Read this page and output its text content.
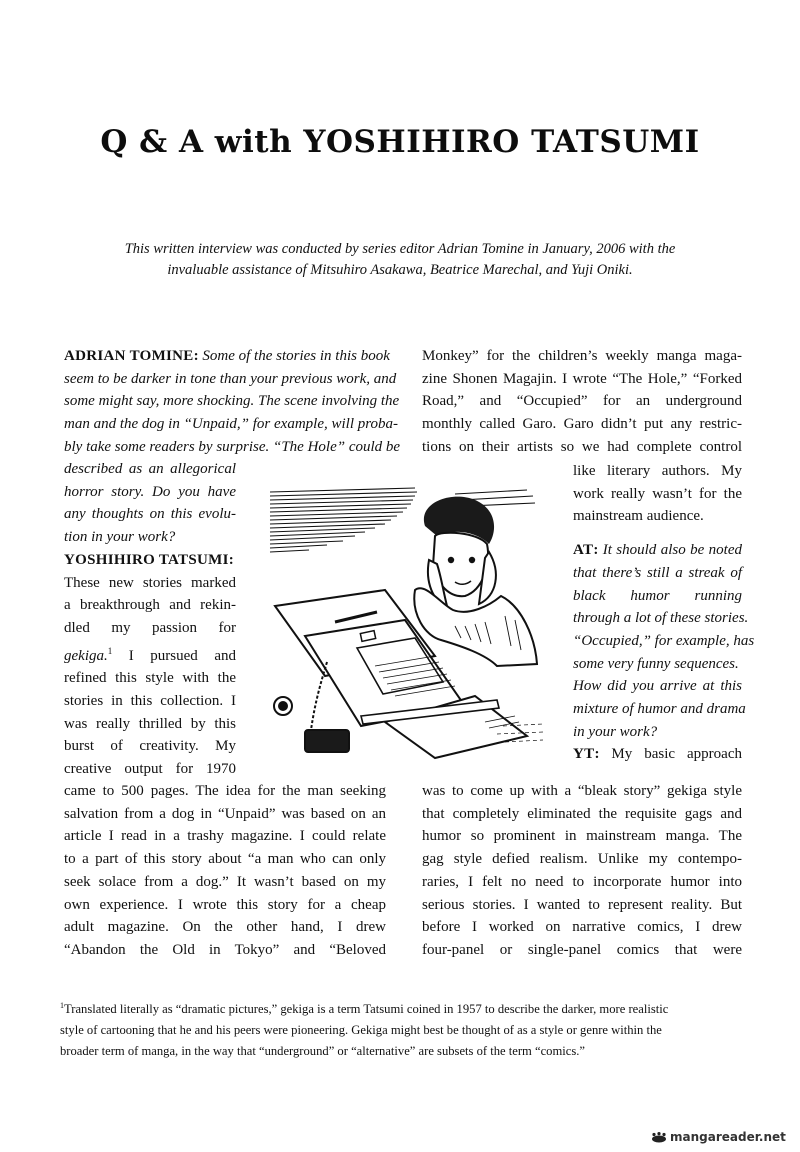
Q & A with YOSHIHIRO TATSUMI
This written interview was conducted by series editor Adrian Tomine in January, 2006 with the
invaluable assistance of Mitsuhiro Asakawa, Beatrice Marechal, and Yuji Oniki.
ADRIAN TOMINE: Some of the stories in this book
seem to be darker in tone than your previous work, and
some might say, more shocking. The scene involving the
man and the dog in “Unpaid,” for example, will proba-
bly take some readers by surprise. “The Hole” could be
described as an allegorical
horror story. Do you have
any thoughts on this evolu-
tion in your work?
YOSHIHIRO TATSUMI:
These new stories marked
a breakthrough and rekin-
dled my passion for
gekiga.$^1$ I pursued and
refined this style with the
stories in this collection. I
was really thrilled by this
burst of creativity. My
creative output for 1970
came to 500 pages. The idea for the man seeking
salvation from a dog in “Unpaid” was based on an
article I read in a trashy magazine. I could relate
to a part of this story about “a man who can only
seek solace from a dog.” It wasn’t based on my
own experience. I wrote this story for a cheap
adult magazine. On the other hand, I drew
“Abandon the Old in Tokyo” and “Beloved
Monkey” for the children’s weekly manga maga-
zine Shonen Magajin. I wrote “The Hole,” “Forked
Road,” and “Occupied” for an underground
monthly called Garo. Garo didn’t put any restric-
tions on their artists so we had complete control
like literary authors. My
work really wasn’t for the
mainstream audience.
AT: It should also be noted
that there’s still a streak of
black humor running
through a lot of these stories.
“Occupied,” for example, has
some very funny sequences.
How did you arrive at this
mixture of humor and drama
in your work?
YT: My basic approach
was to come up with a “bleak story” gekiga style
that completely eliminated the requisite gags and
humor so prominent in mainstream manga. The
gag style defied realism. Unlike my contempo-
raries, I felt no need to incorporate humor into
serious stories. I wanted to represent reality. But
before I worked on narrative comics, I drew
four-panel or single-panel comics that were
$^1$Translated literally as “dramatic pictures,” gekiga is a term Tatsumi coined in 1957 to describe the darker, more realistic
style of cartooning that he and his peers were pioneering. Gekiga might best be thought of as a style or genre within the
broader term of manga, in the way that “underground” or “alternative” are subsets of the term “comics.”
mangareader.net
